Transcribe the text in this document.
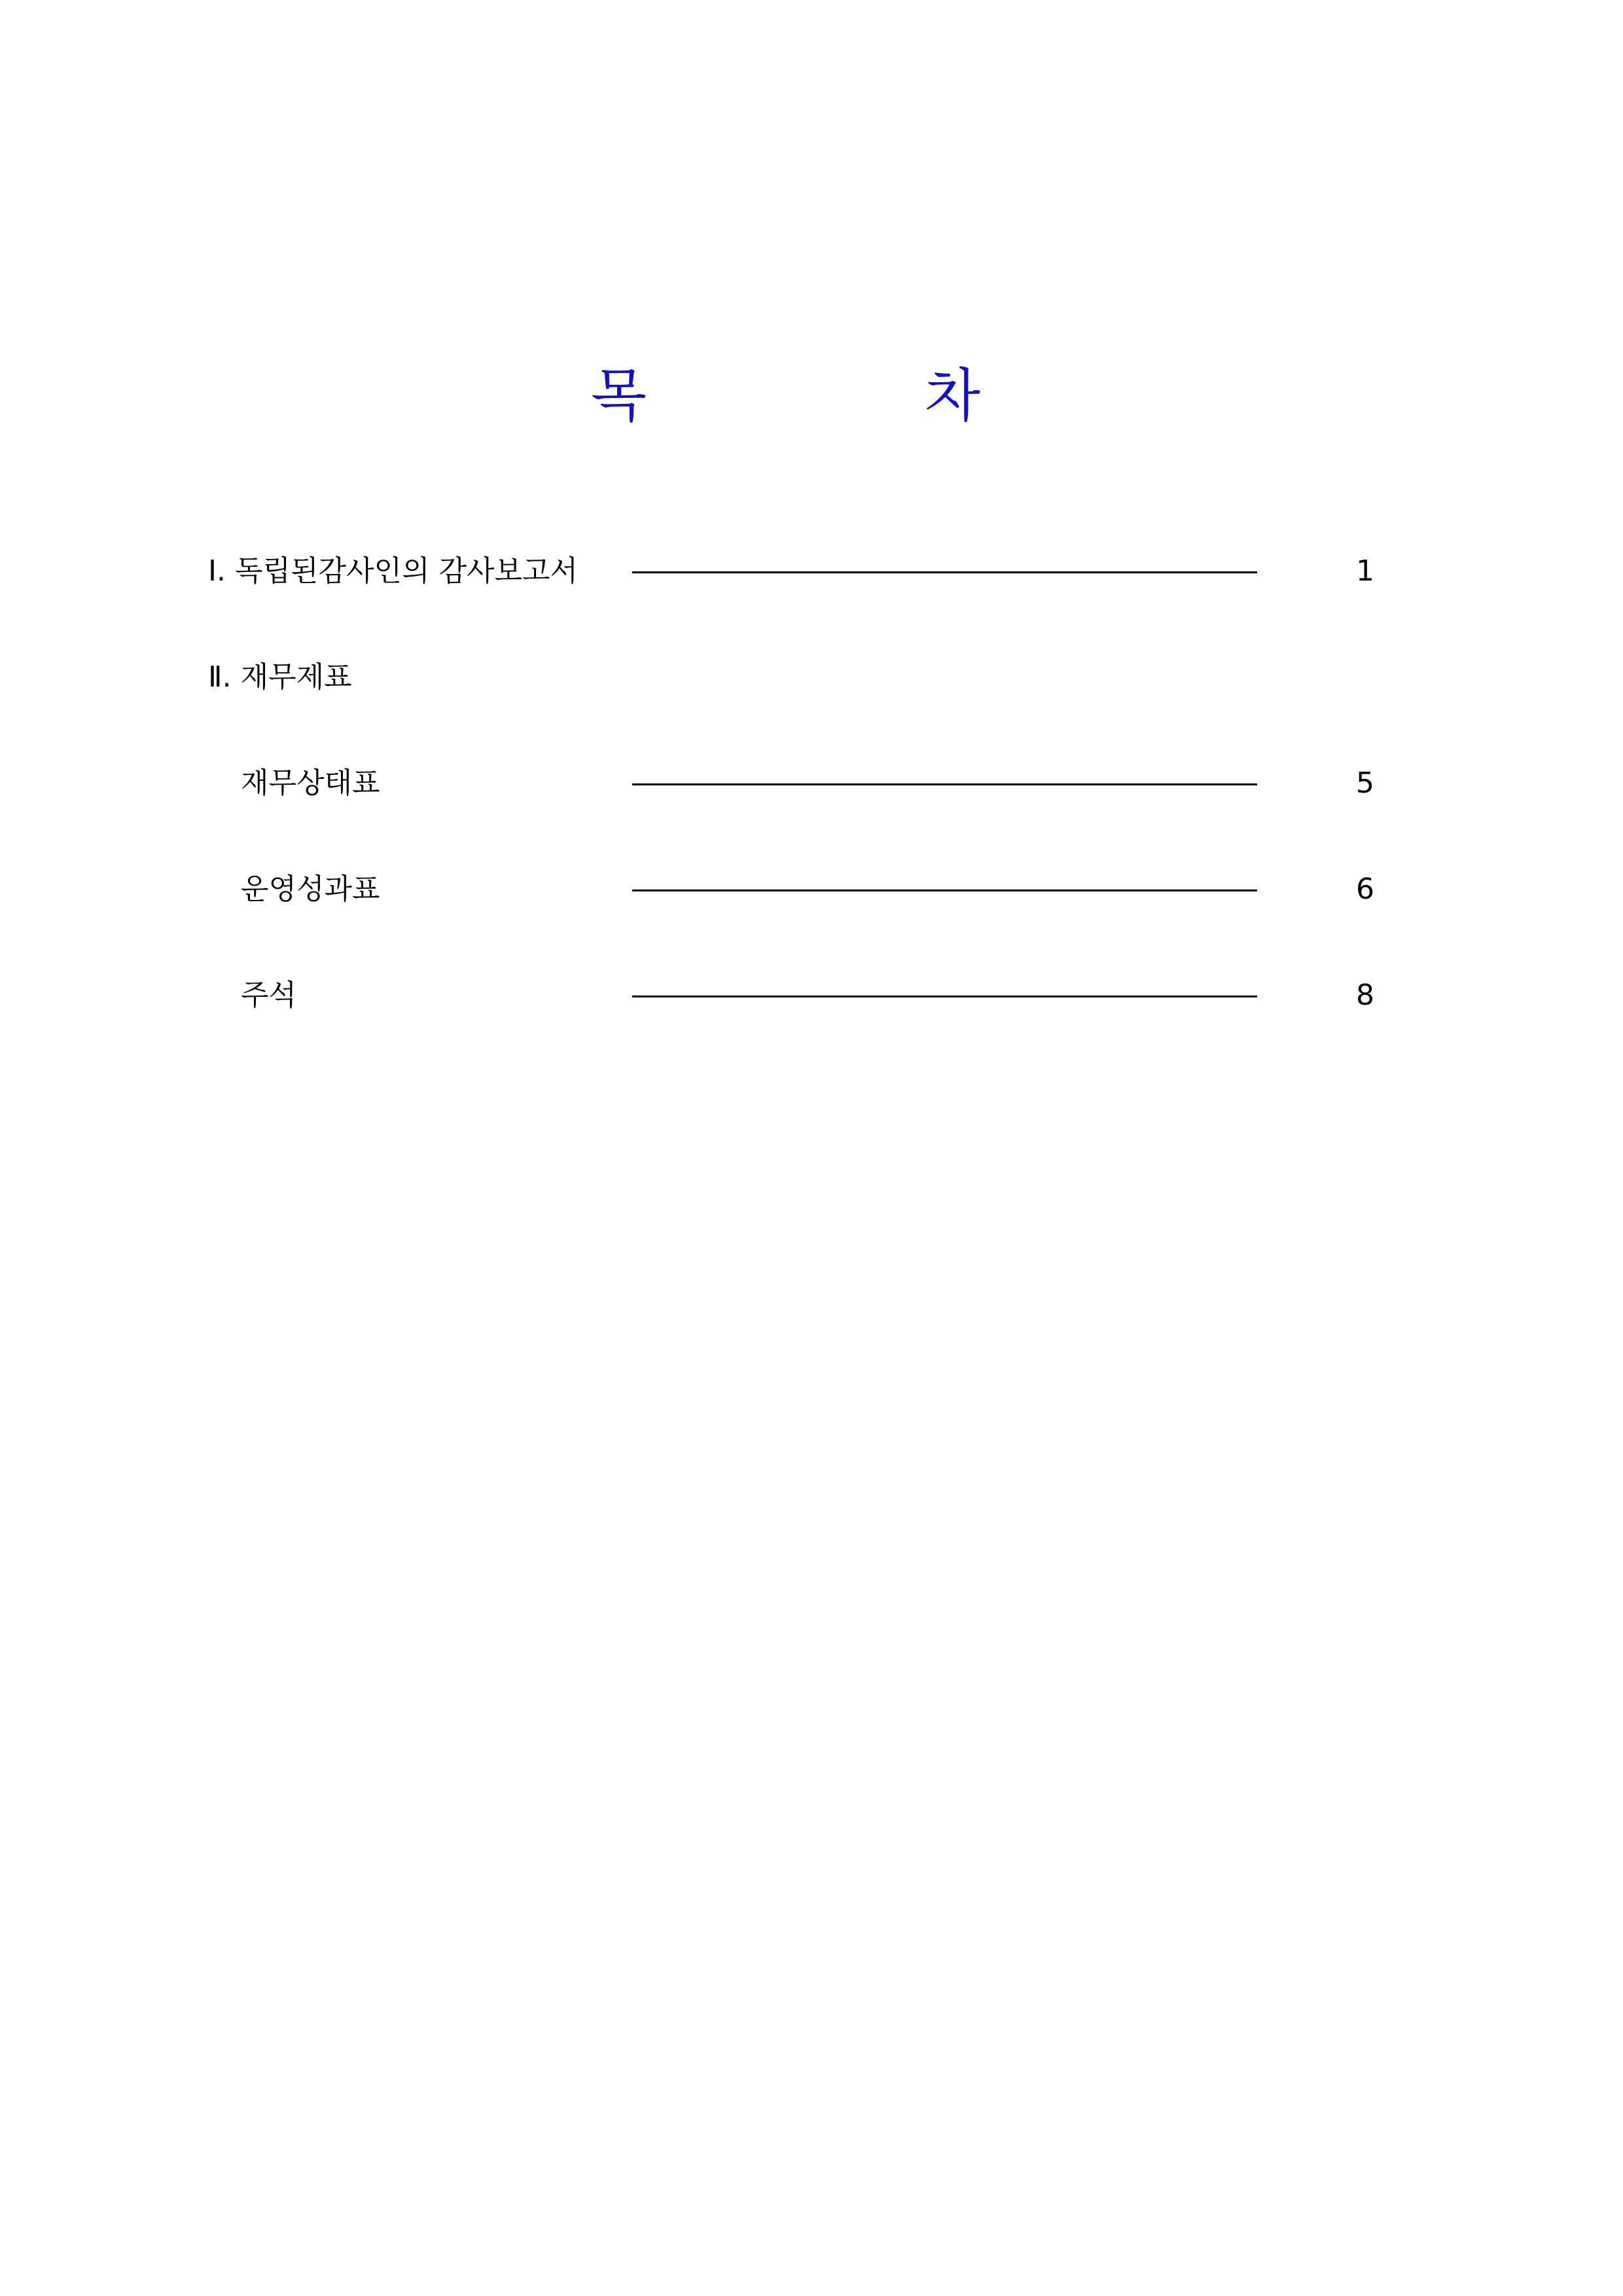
목	차
Ⅰ. 독립된감사인의 감사보고서	1
Ⅱ. 재무제표
재무상태표	5
운영성과표	6
주석	8
